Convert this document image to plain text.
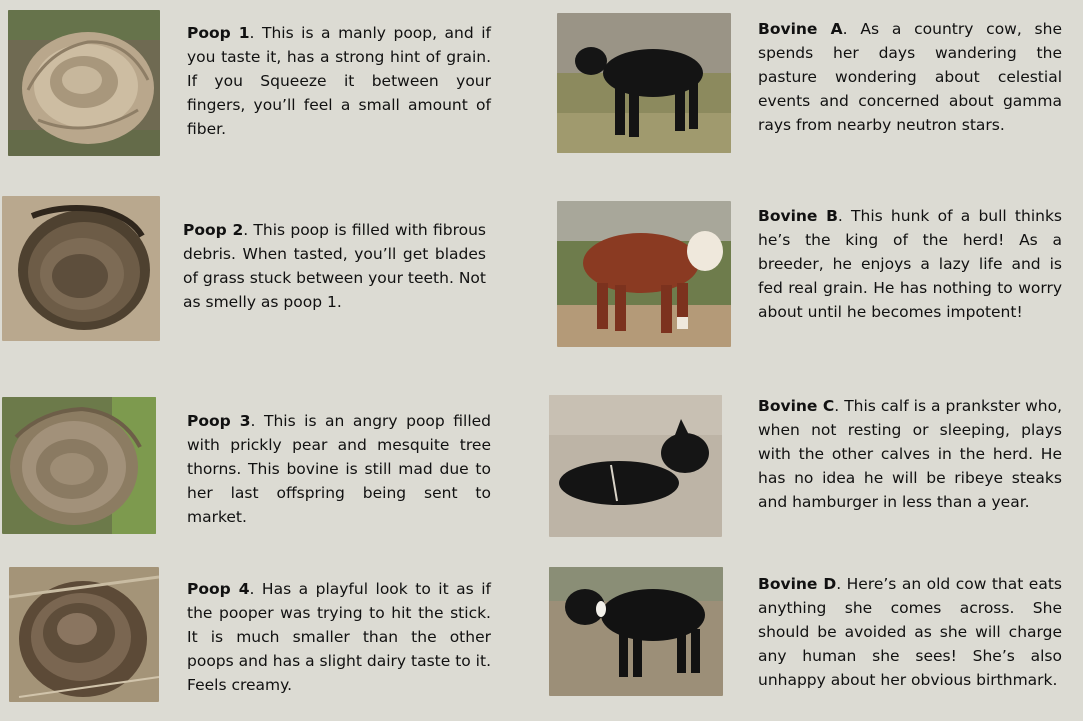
Poop 1. This is a manly poop, and if you taste it, has a strong hint of grain. If you Squeeze it between your fingers, you’ll feel a small amount of fiber.

Poop 2. This poop is filled with fibrous debris. When tasted, you’ll get blades of grass stuck between your teeth. Not as smelly as poop 1.

Poop 3. This is an angry poop filled with prickly pear and mesquite tree thorns. This bovine is still mad due to her last offspring being sent to market.

Poop 4. Has a playful look to it as if the pooper was trying to hit the stick. It is much smaller than the other poops and has a slight dairy taste to it. Feels creamy.

Bovine A. As a country cow, she spends her days wandering the pasture wondering about celestial events and concerned about gamma rays from nearby neutron stars.

Bovine B. This hunk of a bull thinks he’s the king of the herd! As a breeder, he enjoys a lazy life and is fed real grain. He has nothing to worry about until he becomes impotent!

Bovine C. This calf is a prankster who, when not resting or sleeping, plays with the other calves in the herd. He has no idea he will be ribeye steaks and hamburger in less than a year.

Bovine D. Here’s an old cow that eats anything she comes across. She should be avoided as she will charge any human she sees! She’s also unhappy about her obvious birthmark.
